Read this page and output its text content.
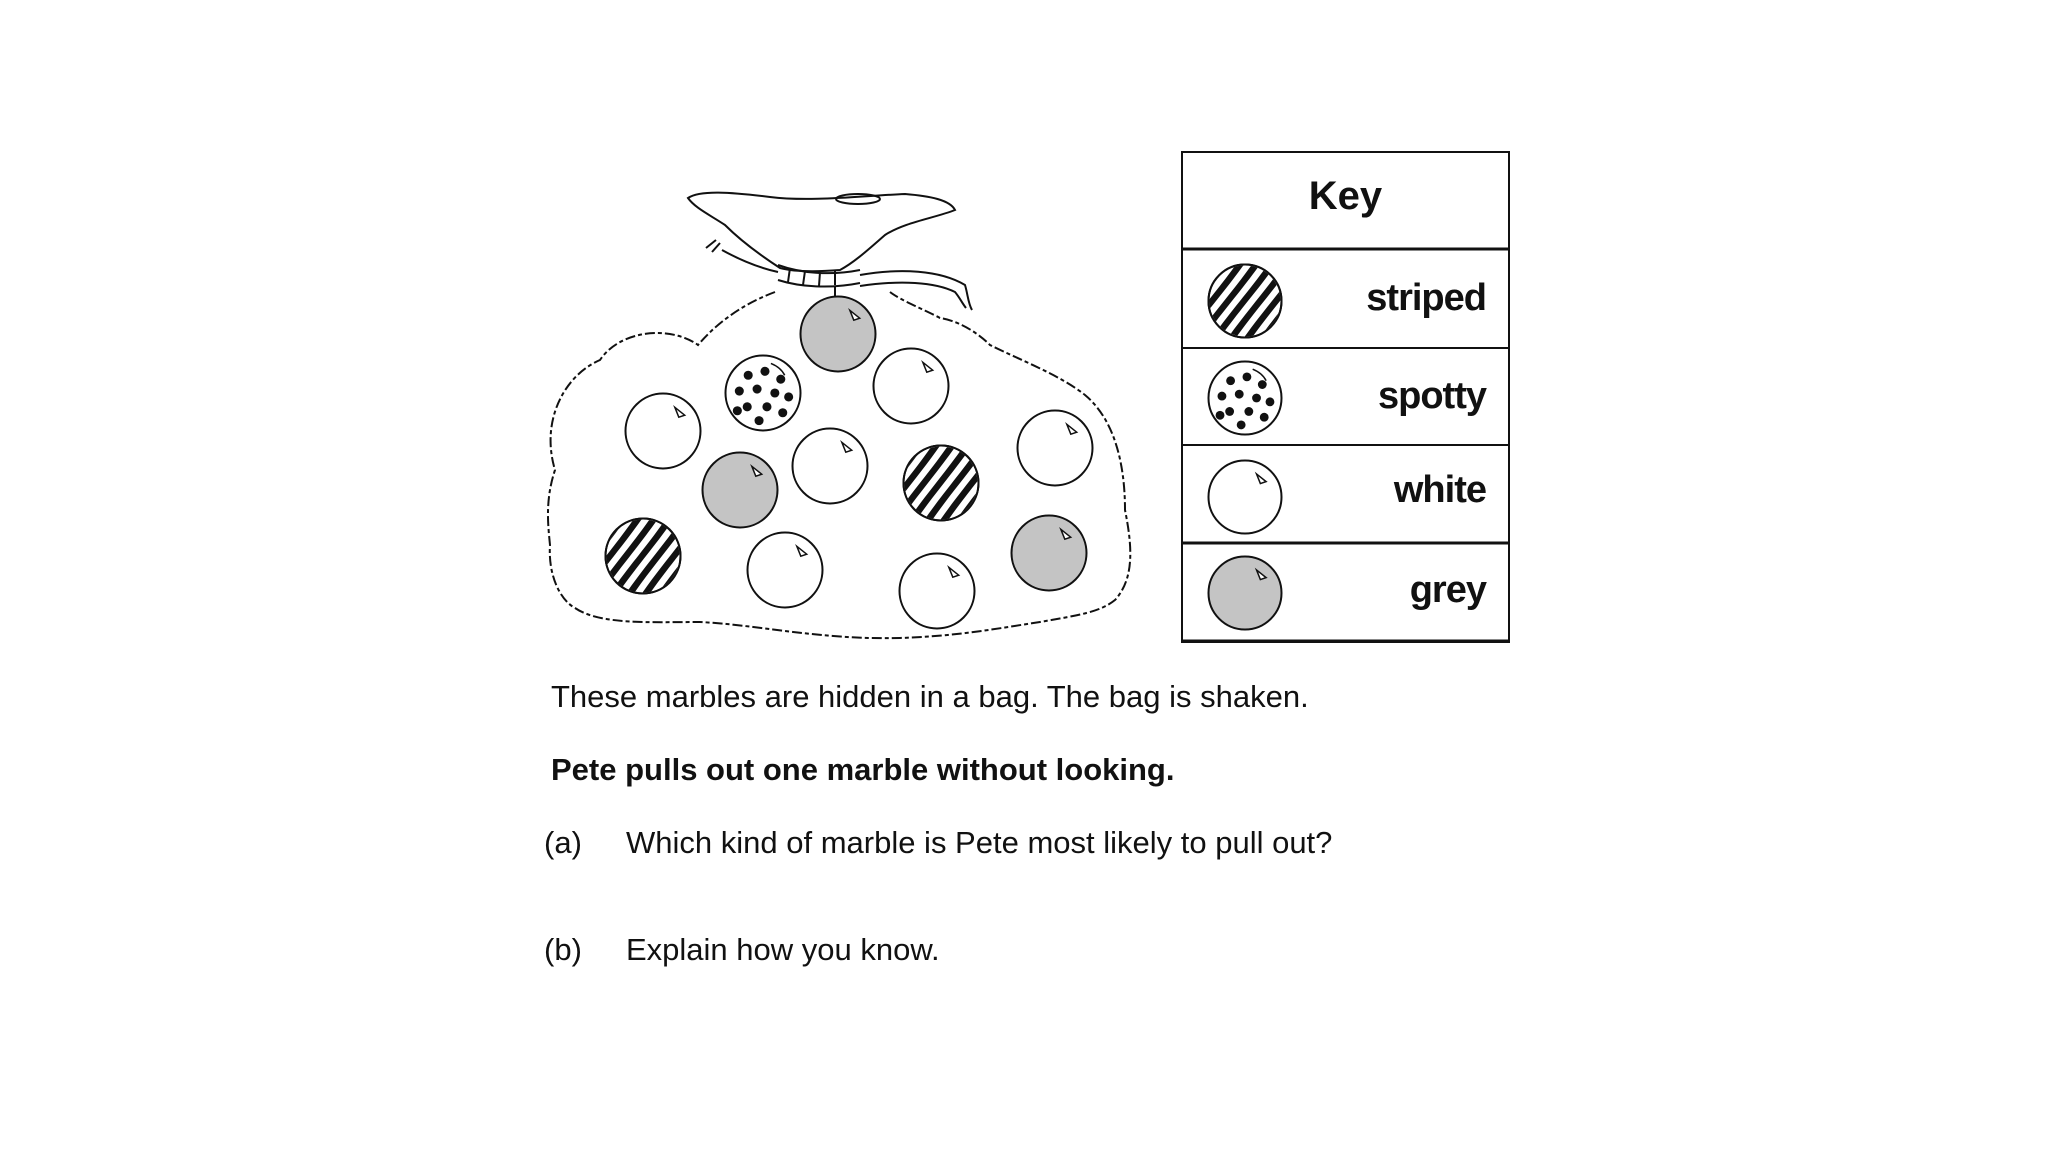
Key
striped
spotty
white
grey
These marbles are hidden in a bag. The bag is shaken.
Pete pulls out one marble without looking.
(a) Which kind of marble is Pete most likely to pull out?
(b) Explain how you know.
